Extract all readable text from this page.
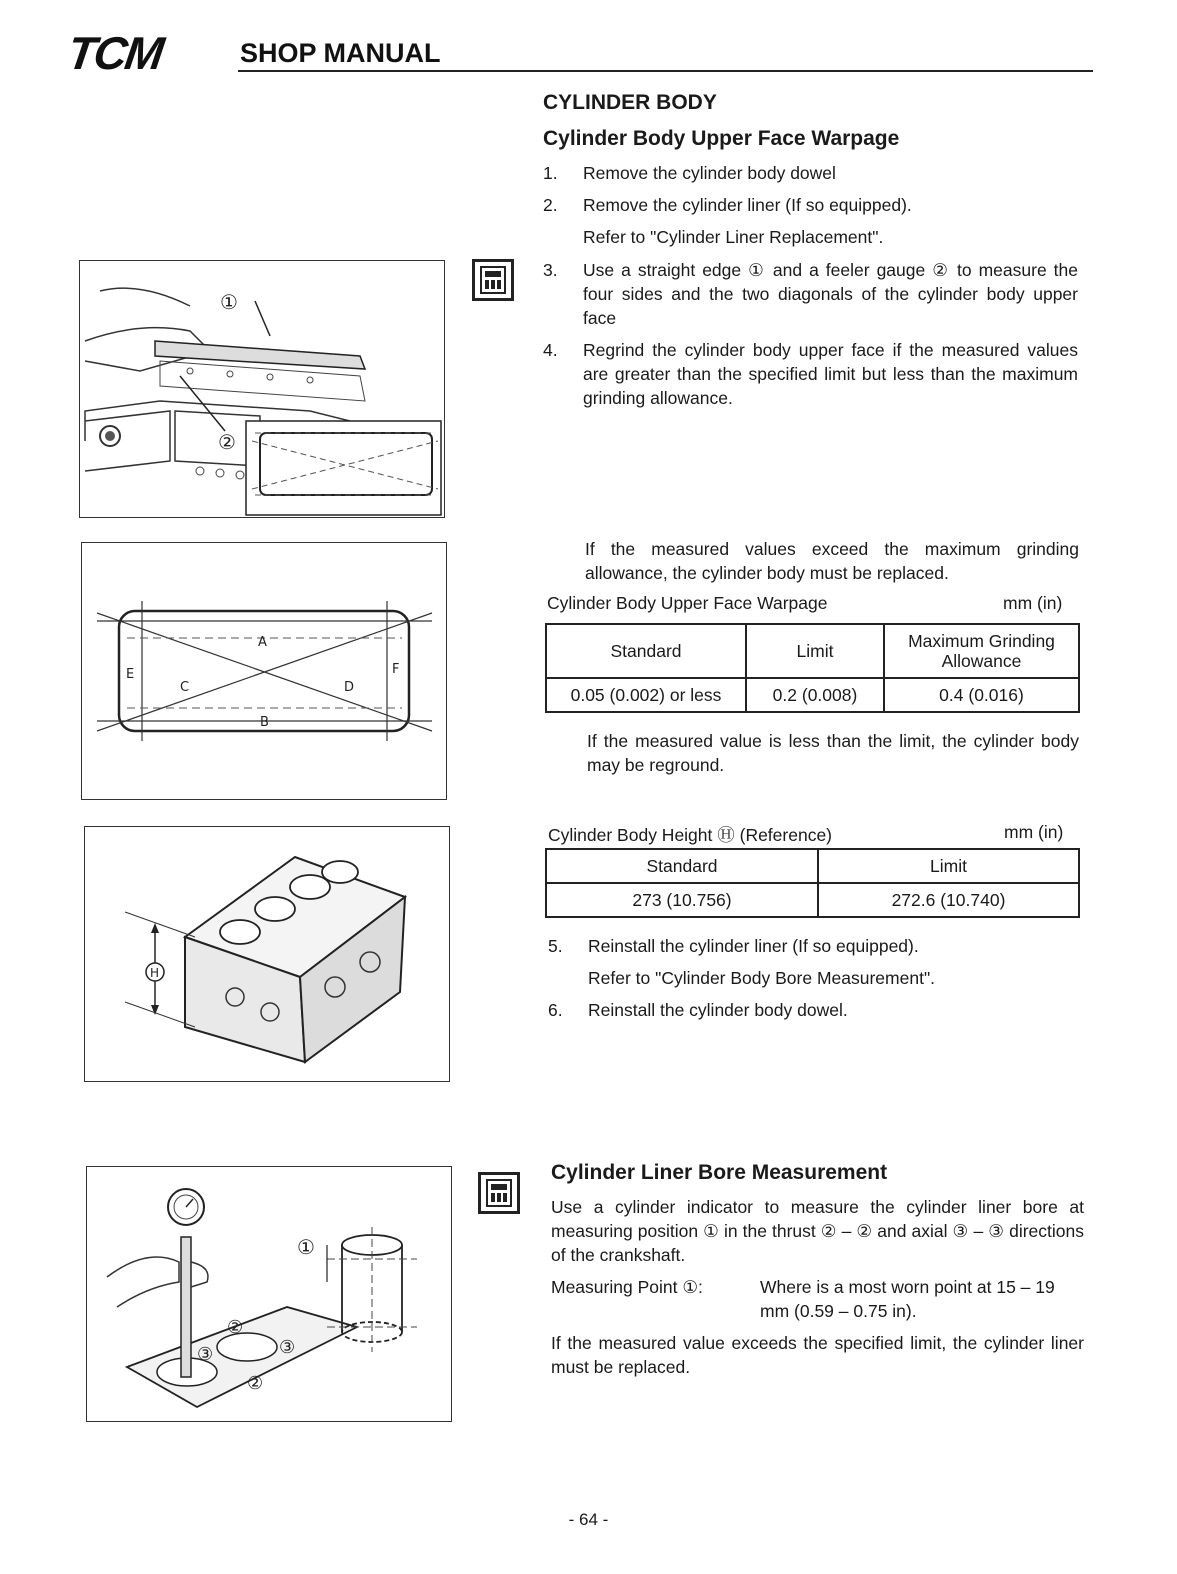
TCM	SHOP MANUAL
CYLINDER BODY
Cylinder Body Upper Face Warpage
1. Remove the cylinder body dowel
2. Remove the cylinder liner (If so equipped).
Refer to "Cylinder Liner Replacement".
3. Use a straight edge ① and a feeler gauge ② to measure the four sides and the two diagonals of the cylinder body upper face
4. Regrind the cylinder body upper face if the measured values are greater than the specified limit but less than the maximum grinding allowance.
①
②
A
B
C	D
E	F
If the measured values exceed the maximum grinding allowance, the cylinder body must be replaced.
Cylinder Body Upper Face Warpage	mm (in)
Standard	Limit	Maximum Grinding Allowance
0.05 (0.002) or less	0.2 (0.008)	0.4 (0.016)
If the measured value is less than the limit, the cylinder body may be reground.
H
Cylinder Body Height Ⓗ (Reference)	mm (in)
Standard	Limit
273 (10.756)	272.6 (10.740)
5. Reinstall the cylinder liner (If so equipped).
Refer to "Cylinder Body Bore Measurement".
6. Reinstall the cylinder body dowel.
①
②
②
③	③
Cylinder Liner Bore Measurement
Use a cylinder indicator to measure the cylinder liner bore at measuring position ① in the thrust ② – ② and axial ③ – ③ directions of the crankshaft.
Measuring Point ①:	Where is a most worn point at 15 – 19 mm (0.59 – 0.75 in).
If the measured value exceeds the specified limit, the cylinder liner must be replaced.
- 64 -
